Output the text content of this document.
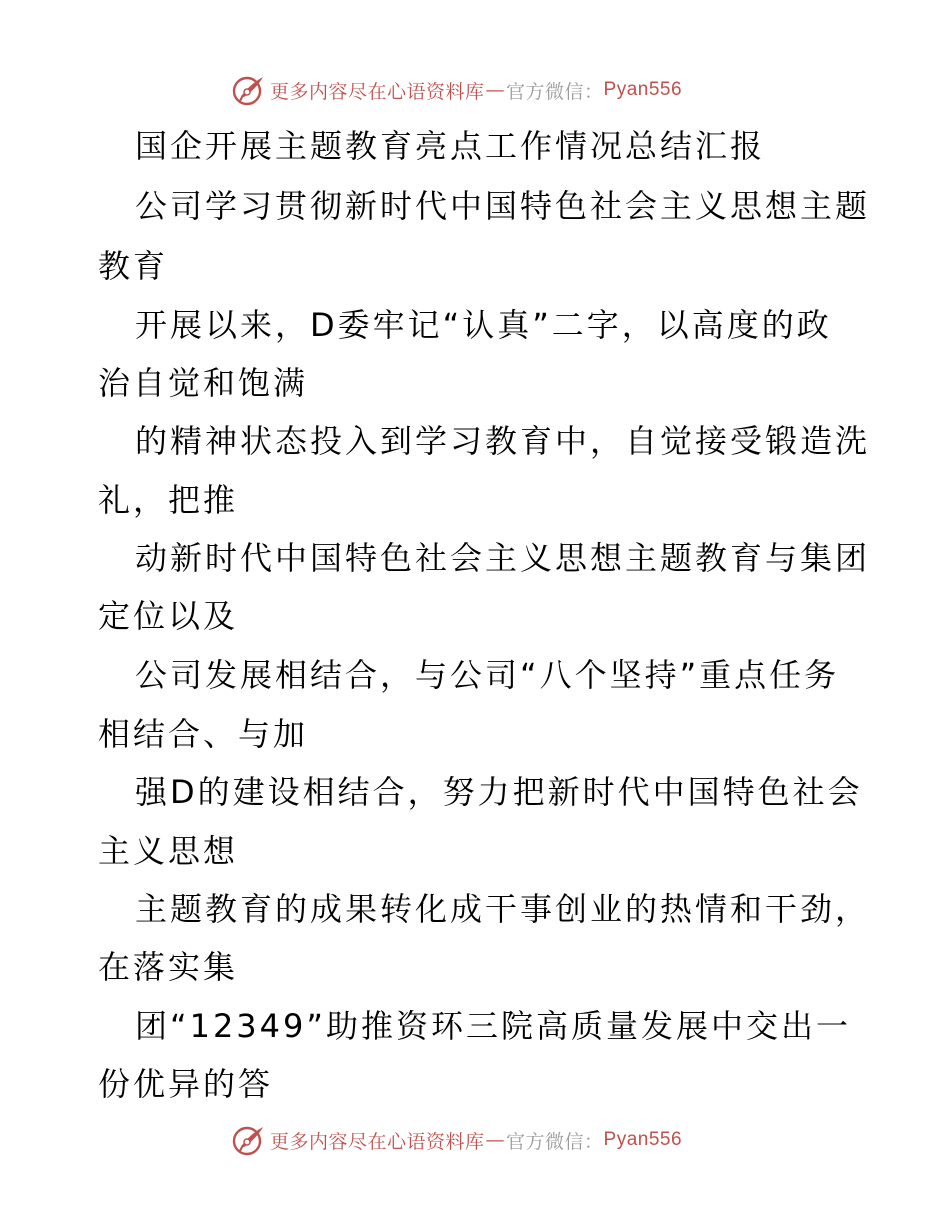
更多内容尽在心语资料库 — 官方微信： Pyan556
国企开展主题教育亮点工作情况总结汇报
公司学习贯彻新时代中国特色社会主义思想主题
教育
开展以来，D委牢记“认真”二字，以高度的政
治自觉和饱满
的精神状态投入到学习教育中，自觉接受锻造洗
礼，把推
动新时代中国特色社会主义思想主题教育与集团
定位以及
公司发展相结合，与公司“八个坚持”重点任务
相结合、与加
强D的建设相结合，努力把新时代中国特色社会
主义思想
主题教育的成果转化成干事创业的热情和干劲，
在落实集
团“12349”助推资环三院高质量发展中交出一
份优异的答
更多内容尽在心语资料库 — 官方微信： Pyan556
